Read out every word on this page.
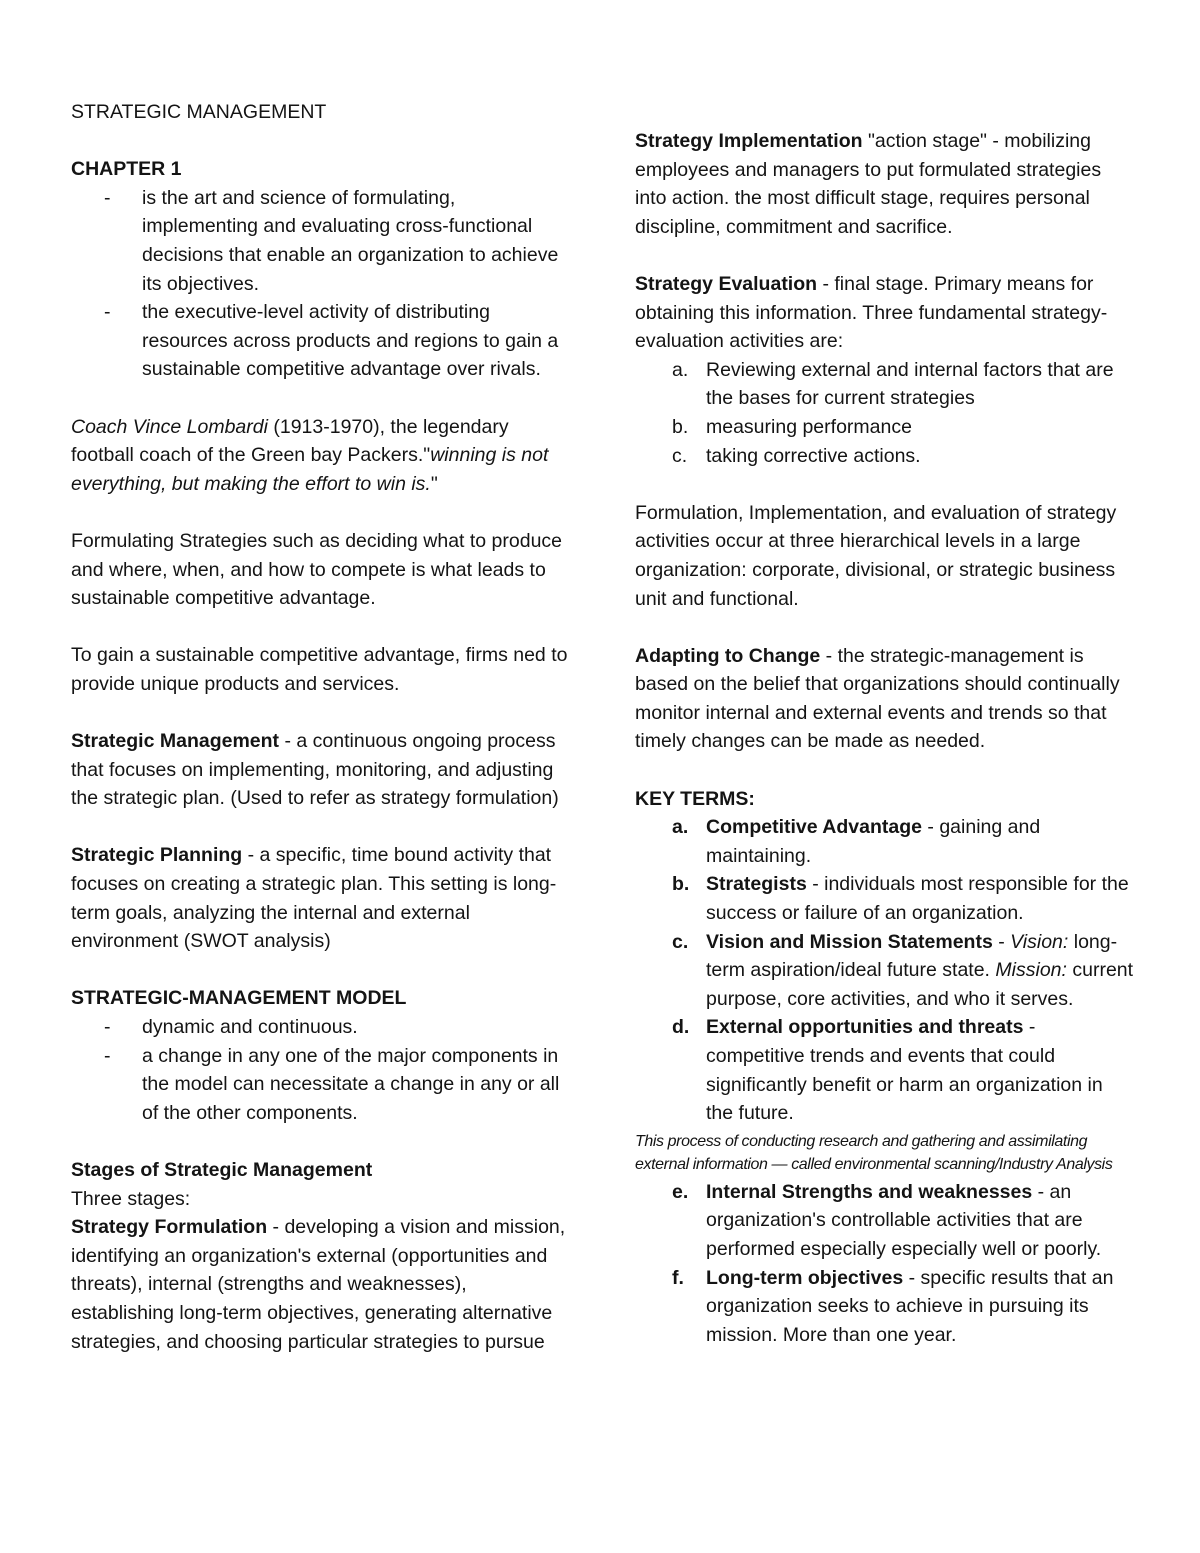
STRATEGIC MANAGEMENT

CHAPTER 1

- is the art and science of formulating, implementing and evaluating cross-functional decisions that enable an organization to achieve its objectives.
- the executive-level activity of distributing resources across products and regions to gain a sustainable competitive advantage over rivals.

Coach Vince Lombardi (1913-1970), the legendary football coach of the Green bay Packers."winning is not everything, but making the effort to win is."

Formulating Strategies such as deciding what to produce and where, when, and how to compete is what leads to sustainable competitive advantage.

To gain a sustainable competitive advantage, firms ned to provide unique products and services.

Strategic Management - a continuous ongoing process that focuses on implementing, monitoring, and adjusting the strategic plan. (Used to refer as strategy formulation)

Strategic Planning - a specific, time bound activity that focuses on creating a strategic plan. This setting is long-term goals, analyzing the internal and external environment (SWOT analysis)

STRATEGIC-MANAGEMENT MODEL

- dynamic and continuous.
- a change in any one of the major components in the model can necessitate a change in any or all of the other components.

Stages of Strategic Management

Three stages:

Strategy Formulation - developing a vision and mission, identifying an organization's external (opportunities and threats), internal (strengths and weaknesses), establishing long-term objectives, generating alternative strategies, and choosing particular strategies to pursue

Strategy Implementation "action stage" - mobilizing employees and managers to put formulated strategies into action. the most difficult stage, requires personal discipline, commitment and sacrifice.

Strategy Evaluation - final stage. Primary means for obtaining this information. Three fundamental strategy-evaluation activities are:

a. Reviewing external and internal factors that are the bases for current strategies
b. measuring performance
c. taking corrective actions.

Formulation, Implementation, and evaluation of strategy activities occur at three hierarchical levels in a large organization: corporate, divisional, or strategic business unit and functional.

Adapting to Change - the strategic-management is based on the belief that organizations should continually monitor internal and external events and trends so that timely changes can be made as needed.

KEY TERMS:

a. Competitive Advantage - gaining and maintaining.
b. Strategists - individuals most responsible for the success or failure of an organization.
c. Vision and Mission Statements - Vision: long-term aspiration/ideal future state. Mission: current purpose, core activities, and who it serves.
d. External opportunities and threats - competitive trends and events that could significantly benefit or harm an organization in the future.

This process of conducting research and gathering and assimilating external information — called environmental scanning/Industry Analysis

e. Internal Strengths and weaknesses - an organization's controllable activities that are performed especially especially well or poorly.
f. Long-term objectives - specific results that an organization seeks to achieve in pursuing its mission. More than one year.
